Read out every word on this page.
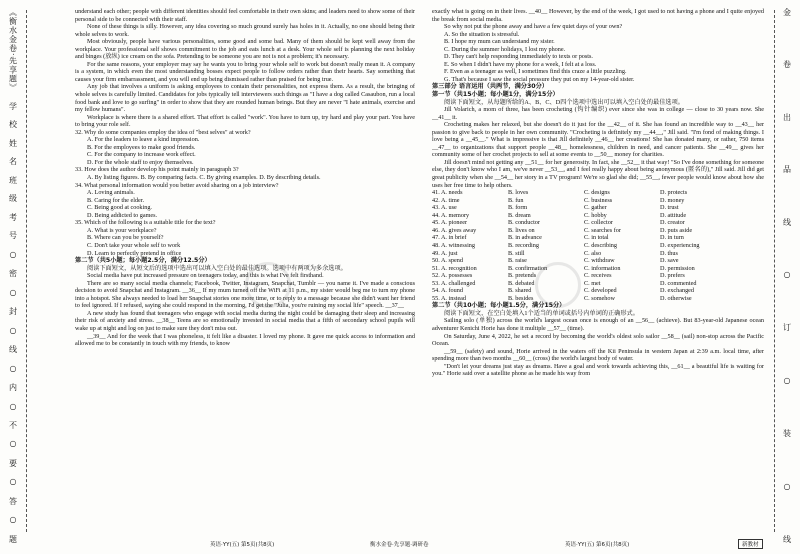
《衡水金卷·先享题》
学
校
姓
名
班
级
考
号
○
密
○
封
○
线
○
内
○
不
○
要
○
答
○
题
金
卷
出
品
线
○
订
○
装
○
线

understand each other; people with different identities should feel comfortable in their own skins; and leaders need to show some of their personal side to be connected with their staff.

None of these things is silly. However, any idea covering so much ground surely has holes in it. Actually, no one should being their whole selves to work.

Most obviously, people have various personalities, some good and some bad. Many of them should be kept well away from the workplace. Your professional self shows commitment to the job and eats lunch at a desk. Your whole self is planning the next holiday and binges (放纵) ice cream on the sofa. Pretending to be someone you are not is not a problem; it's necessary.

For the same reasons, your employer may say he wants you to bring your whole self to work but doesn't really mean it. A company is a system, in which even the most understanding bosses expect people to follow orders rather than their hearts. Say something that causes your firm embarrassment, and you will end up being dismissed rather than praised for being true.

Any job that involves a uniform is asking employees to contain their personalities, not express them. As a result, the bringing of whole selves is carefully limited. Candidates for jobs typically tell interviewers such things as "I have a dog called Casaubon, run a local food bank and love to go surfing" in order to show that they are rounded human beings. But they are never "I hate animals, exercise and my fellow humans".

Workplace is where there is a shared effort. That effort is called "work". You have to turn up, try hard and play your part. You have to bring your role self.

32. Why do some companies employ the idea of "best selves" at work?

A. For the leaders to leave a kind impression.

B. For the employees to make good friends.

C. For the company to increase work effect.

D. For the whole staff to enjoy themselves.

33. How does the author develop his point mainly in paragraph 3?

A. By listing figures. B. By comparing facts. C. By giving examples. D. By describing details.

34. What personal information would you better avoid sharing on a job interview?

A. Loving animals.

B. Caring for the elder.

C. Being good at cooking.

D. Being addicted to games.

35. Which of the following is a suitable title for the text?

A. What is your workplace?

B. Where can you be yourself?

C. Don't take your whole self to work

D. Learn to perfectly pretend in office

第二节（共5小题；每小题2.5分，满分12.5分）

阅读下面短文，从短文后的选项中选出可以填入空白处的最佳选项。选项中有两项为多余选项。

Social media have put increased pressure on teenagers today, and this is what I've felt firsthand.

There are so many social media channels; Facebook, Twitter, Instagram, Snapchat, Tumblr — you name it. I've made a conscious decision to avoid Snapchat and Instagram. __36__ If my mum turned off the WiFi at 11 p.m., my sister would beg me to turn my phone into a hotspot. She always needed to load her Snapchat stories one more time, or to reply to a message because she didn't want her friend to feel ignored. If I refused, saying she could respond in the morning, I'd get the "Julia, you're ruining my social life" speech. __37__

A new study has found that teenagers who engage with social media during the night could be damaging their sleep and increasing their risk of anxiety and stress. __38__ Teens are so emotionally invested in social media that a fifth of secondary school pupils will wake up at night and log on just to make sure they don't miss out.

__39__ And for the week that I was phoneless, it felt like a disaster. I loved my phone. It gave me quick access to information and allowed me to be constantly in touch with my friends, to know

exactly what is going on in their lives. __40__ However, by the end of the week, I got used to not having a phone and I quite enjoyed the break from social media.

So why not put the phone away and have a few quiet days of your own?

A. So the situation is stressful.

B. I hope my mum can understand my sister.

C. During the summer holidays, I lost my phone.

D. They can't help responding immediately to texts or posts.

E. So when I didn't have my phone for a week, I felt at a loss.

F. Even as a teenager as well, I sometimes find this craze a little puzzling.

G. That's because I saw the social pressure they put on my 14-year-old sister.

第三部分 语言运用（共两节，满分30分）

第一节（共15小题；每小题1分，满分15分）

阅读下面短文，从每题所给的A、B、C、D四个选项中选出可以填入空白处的最佳选项。

Jill Volarich, a mom of three, has been crocheting (钩针编织) ever since she was in college — close to 30 years now. She __41__ it.

Crocheting makes her relaxed, but she doesn't do it just for the __42__ of it. She has found an incredible way to __43__ her passion to give back to people in her own community. "Crocheting is definitely my __44__," Jill said. "I'm fond of making things. I love being a __45__." What is impressive is that Jill definitely __46__ her creations! She has donated many, or rather, 750 items __47__ to organizations that support people __48__ homelessness, children in need, and cancer patients. She __49__ gives her community some of her crochet projects to sell at some events to __50__ money for charities.

Jill doesn't mind not getting any __51__ for her generosity. In fact, she __52__ it that way! "So I've done something for someone else, they don't know who I am, we've never __53__, and I feel really happy about being anonymous (匿名的)," Jill said. Jill did get great publicity when she __54__ her story in a TV program! We're so glad she did; __55__, fewer people would know about how she uses her free time to help others.

41. A. needs	B. loves	C. designs	D. protects
42. A. time	B. fun	C. business	D. money
43. A. use	B. form	C. gather	D. trust
44. A. memory	B. dream	C. hobby	D. attitude
45. A. pioneer	B. conductor	C. collector	D. creator
46. A. gives away	B. lives on	C. searches for	D. puts aside
47. A. in brief	B. in advance	C. in total	D. in turn
48. A. witnessing	B. recording	C. describing	D. experiencing
49. A. just	B. still	C. also	D. thus
50. A. spend	B. raise	C. withdraw	D. save
51. A. recognition	B. confirmation	C. information	D. permission
52. A. possesses	B. pretends	C. receives	D. prefers
53. A. challenged	B. debated	C. met	D. commented
54. A. found	B. shared	C. developed	D. exchanged
55. A. instead	B. besides	C. somehow	D. otherwise

第二节（共10小题；每小题1.5分，满分15分）

阅读下面短文，在空白处填入1个适当的单词或括号内单词的正确形式。

Sailing solo (单独) across the world's largest ocean once is enough of an __56__ (achieve). But 83-year-old Japanese ocean adventurer Kenichi Horie has done it multiple __57__ (time).

On Saturday, June 4, 2022, he set a record by becoming the world's oldest solo sailor __58__ (sail) non-stop across the Pacific Ocean.

__59__ (safety) and sound, Horie arrived in the waters off the Kii Peninsula in western Japan at 2:39 a.m. local time, after spending more than two months __60__ (cross) the world's largest body of water.

"Don't let your dreams just stay as dreams. Have a goal and work towards achieving this, __61__ a beautiful life is waiting for you." Horie said over a satellite phone as he made his way from

英语·YY(五) 第5页(共8页)	衡水金卷·先享题·调研卷	英语·YY(五) 第6页(共8页)	新教材
